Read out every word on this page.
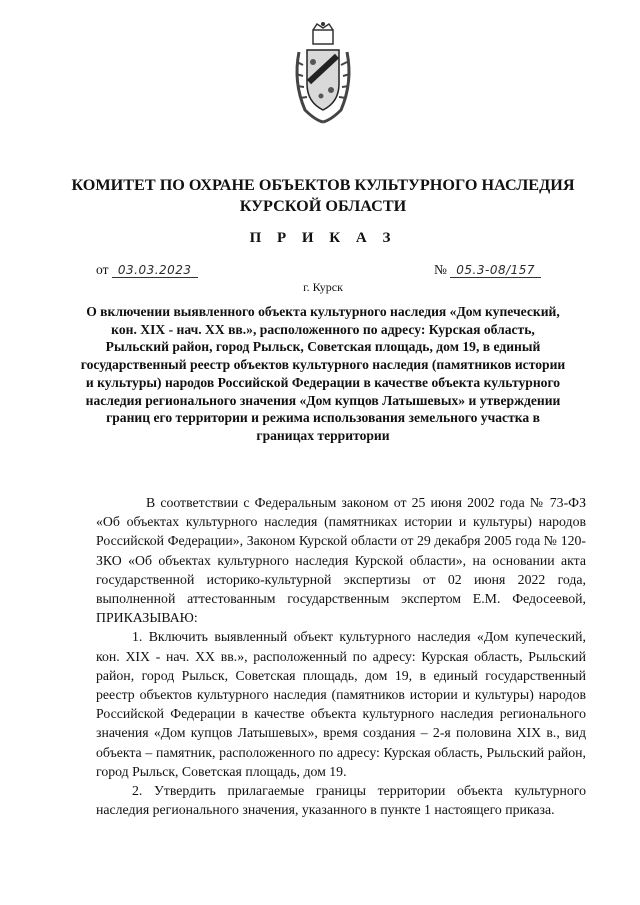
КОМИТЕТ ПО ОХРАНЕ ОБЪЕКТОВ КУЛЬТУРНОГО НАСЛЕДИЯ
КУРСКОЙ ОБЛАСТИ
П Р И К А З
от 03.03.2023	№ 05.3-08/157
г. Курск
О включении выявленного объекта культурного наследия «Дом купеческий, кон. XIX - нач. XX вв.», расположенного по адресу: Курская область, Рыльский район, город Рыльск, Советская площадь, дом 19, в единый государственный реестр объектов культурного наследия (памятников истории и культуры) народов Российской Федерации в качестве объекта культурного наследия регионального значения «Дом купцов Латышевых» и утверждении границ его территории и режима использования земельного участка в границах территории

В соответствии с Федеральным законом от 25 июня 2002 года № 73-ФЗ «Об объектах культурного наследия (памятниках истории и культуры) народов Российской Федерации», Законом Курской области от 29 декабря 2005 года № 120-ЗКО «Об объектах культурного наследия Курской области», на основании акта государственной историко-культурной экспертизы от 02 июня 2022 года, выполненной аттестованным государственным экспертом Е.М. Федосеевой, ПРИКАЗЫВАЮ:

1. Включить выявленный объект культурного наследия «Дом купеческий, кон. XIX - нач. XX вв.», расположенный по адресу: Курская область, Рыльский район, город Рыльск, Советская площадь, дом 19, в единый государственный реестр объектов культурного наследия (памятников истории и культуры) народов Российской Федерации в качестве объекта культурного наследия регионального значения «Дом купцов Латышевых», время создания – 2-я половина XIX в., вид объекта – памятник, расположенного по адресу: Курская область, Рыльский район, город Рыльск, Советская площадь, дом 19.

2. Утвердить прилагаемые границы территории объекта культурного наследия регионального значения, указанного в пункте 1 настоящего приказа.
